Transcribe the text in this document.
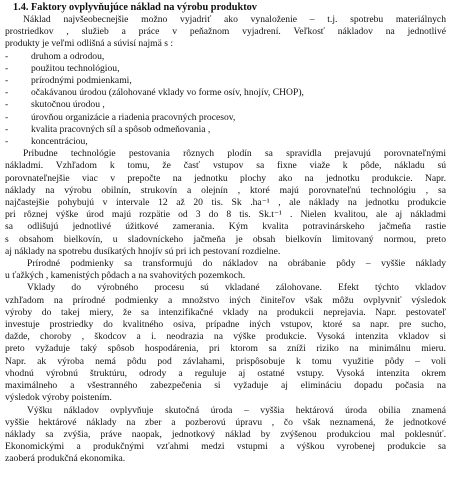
1.4. Faktory ovplyvňujúce náklad na výrobu produktov
Náklad najvšeobecnejšie možno vyjadriť ako vynaloženie – t.j. spotrebu materiálnych
prostriedkov , služieb a práce v peňažnom vyjadrení. Veľkosť nákladov na jednotlivé
produkty je veľmi odlišná a súvisí najmä s :
- druhom a odrodou,
- použitou technológiou,
- prírodnými podmienkami,
- očakávanou úrodou (zálohované vklady vo forme osív, hnojív, CHOP),
- skutočnou úrodou ,
- úrovňou organizácie a riadenia pracovných procesov,
- kvalita pracovných síl a spôsob odmeňovania ,
- koncentráciou,
Pribudne technológie pestovania rôznych plodín sa spravidla prejavujú porovnateľnými
nákladmi. Vzhľadom k tomu, že časť vstupov sa fixne viaže k pôde, nákladu sú
porovnateľnejšie viac v prepočte na jednotku plochy ako na jednotku produkcie. Napr.
náklady na výrobu obilnín, strukovín a olejnín , ktoré majú porovnateľnú technológiu , sa
najčastejšie pohybujú v intervale 12 až 20 tis. Sk .ha⁻¹ , ale náklady na jednotku produkcie
pri rôznej výške úrod majú rozpätie od 3 do 8 tis. Sk.t⁻¹ . Nielen kvalitou, ale aj nákladmi
sa odlišujú jednotlivé úžitkové zamerania. Kým kvalita potravinárskeho jačmeňa rastie
s obsahom bielkovín, u sladovníckeho jačmeňa je obsah bielkovín limitovaný normou, preto
aj náklady na spotrebu dusíkatých hnojív sú pri ich pestovaní rozdielne.
Prírodné podmienky sa transformujú do nákladov na obrábanie pôdy – vyššie náklady
u ťažkých , kamenistých pôdach a na svahovitých pozemkoch.
Vklady do výrobného procesu sú vkladané zálohovane. Efekt týchto vkladov
vzhľadom na prírodné podmienky a množstvo iných činiteľov však môžu ovplyvniť výsledok
výroby do takej miery, že sa intenzifikačné vklady na produkcii neprejavia. Napr. pestovateľ
investuje prostriedky do kvalitného osiva, prípadne iných vstupov, ktoré sa napr. pre sucho,
dažde, choroby , škodcov a i. neodrazia na výške produkcie. Vysoká intenzita vkladov si
preto vyžaduje taký spôsob hospodárenia, pri ktorom sa zníži riziko na minimálnu mieru.
Napr. ak výroba nemá pôdu pod závlahami, prispôsobuje k tomu využitie pôdy – voli
vhodnú výrobnú štruktúru, odrody a reguluje aj ostatné vstupy. Vysoká intenzita okrem
maximálneho a všestranného zabezpečenia si vyžaduje aj elimináciu dopadu počasia na
výsledok výroby poistením.
Výšku nákladov ovplyvňuje skutočná úroda – vyššia hektárová úroda obilia znamená
vyššie hektárové náklady na zber a pozberovú úpravu , čo však neznamená, že jednotkové
náklady sa zvýšia, práve naopak, jednotkový náklad by zvýšenou produkciou mal poklesnúť.
Ekonomickými a produkčnými vzťahmi medzi vstupmi a výškou vyrobenej produkcie sa
zaoberá produkčná ekonomika.
